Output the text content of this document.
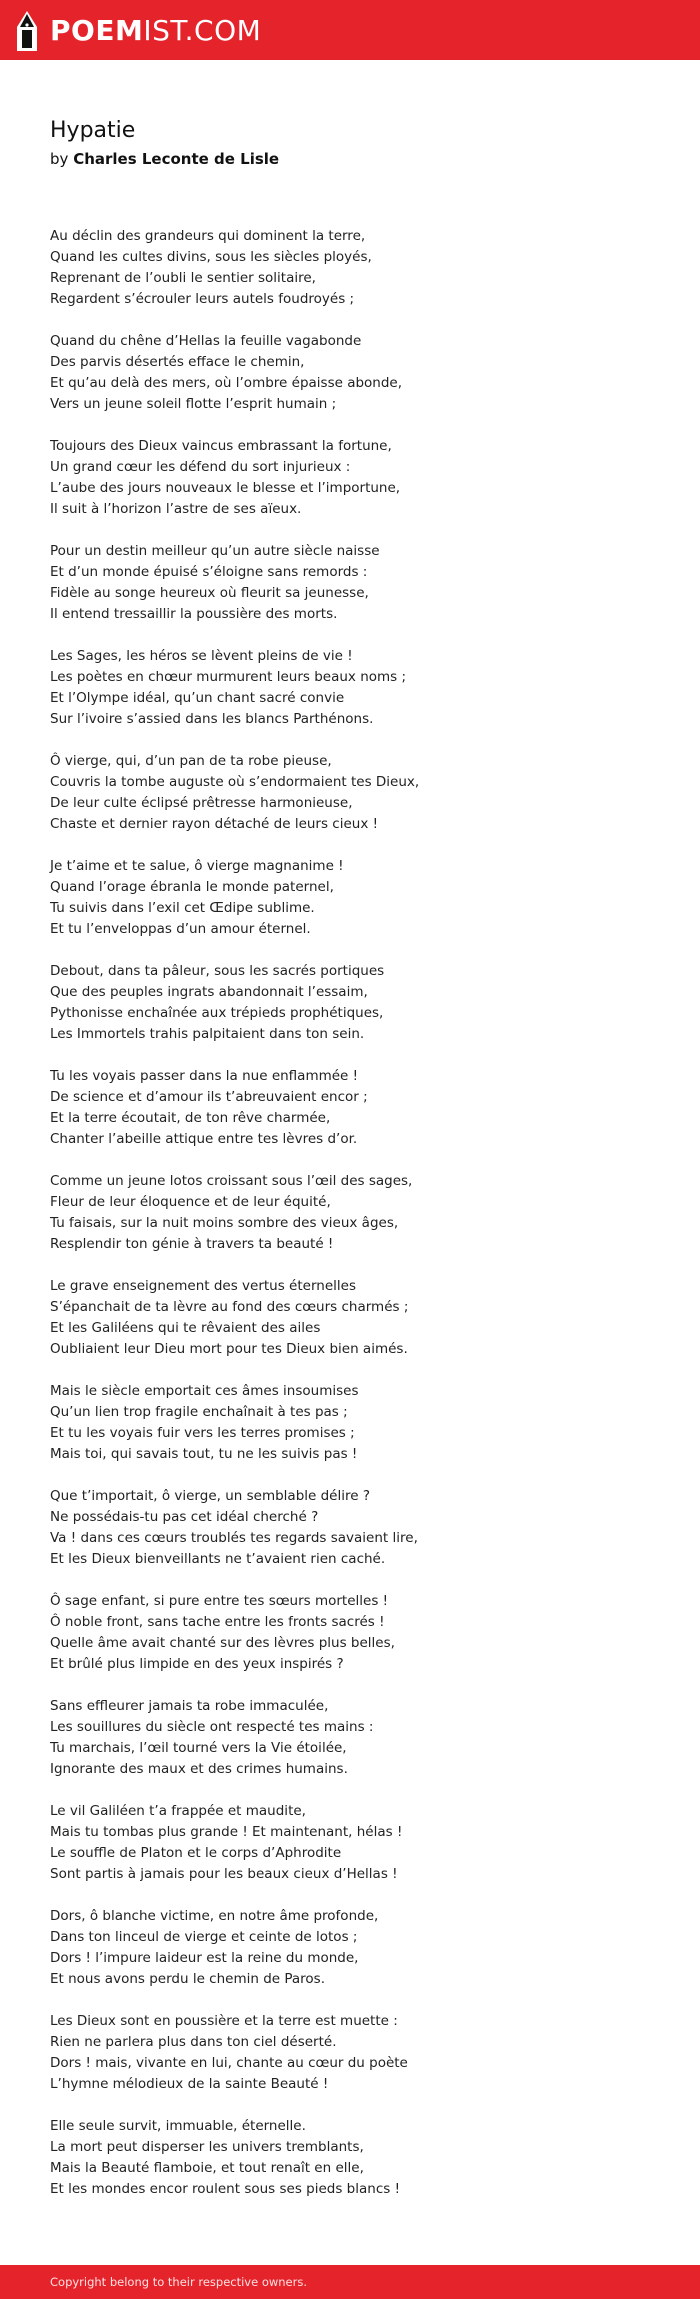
POEMIST.COM
Hypatie
by Charles Leconte de Lisle
Au déclin des grandeurs qui dominent la terre,
Quand les cultes divins, sous les siècles ployés,
Reprenant de l’oubli le sentier solitaire,
Regardent s’écrouler leurs autels foudroyés ;
Quand du chêne d’Hellas la feuille vagabonde
Des parvis désertés efface le chemin,
Et qu’au delà des mers, où l’ombre épaisse abonde,
Vers un jeune soleil flotte l’esprit humain ;
Toujours des Dieux vaincus embrassant la fortune,
Un grand cœur les défend du sort injurieux :
L’aube des jours nouveaux le blesse et l’importune,
Il suit à l’horizon l’astre de ses aïeux.
Pour un destin meilleur qu’un autre siècle naisse
Et d’un monde épuisé s’éloigne sans remords :
Fidèle au songe heureux où fleurit sa jeunesse,
Il entend tressaillir la poussière des morts.
Les Sages, les héros se lèvent pleins de vie !
Les poètes en chœur murmurent leurs beaux noms ;
Et l’Olympe idéal, qu’un chant sacré convie
Sur l’ivoire s’assied dans les blancs Parthénons.
Ô vierge, qui, d’un pan de ta robe pieuse,
Couvris la tombe auguste où s’endormaient tes Dieux,
De leur culte éclipsé prêtresse harmonieuse,
Chaste et dernier rayon détaché de leurs cieux !
Je t’aime et te salue, ô vierge magnanime !
Quand l’orage ébranla le monde paternel,
Tu suivis dans l’exil cet Œdipe sublime.
Et tu l’enveloppas d’un amour éternel.
Debout, dans ta pâleur, sous les sacrés portiques
Que des peuples ingrats abandonnait l’essaim,
Pythonisse enchaînée aux trépieds prophétiques,
Les Immortels trahis palpitaient dans ton sein.
Tu les voyais passer dans la nue enflammée !
De science et d’amour ils t’abreuvaient encor ;
Et la terre écoutait, de ton rêve charmée,
Chanter l’abeille attique entre tes lèvres d’or.
Comme un jeune lotos croissant sous l’œil des sages,
Fleur de leur éloquence et de leur équité,
Tu faisais, sur la nuit moins sombre des vieux âges,
Resplendir ton génie à travers ta beauté !
Le grave enseignement des vertus éternelles
S’épanchait de ta lèvre au fond des cœurs charmés ;
Et les Galiléens qui te rêvaient des ailes
Oubliaient leur Dieu mort pour tes Dieux bien aimés.
Mais le siècle emportait ces âmes insoumises
Qu’un lien trop fragile enchaînait à tes pas ;
Et tu les voyais fuir vers les terres promises ;
Mais toi, qui savais tout, tu ne les suivis pas !
Que t’importait, ô vierge, un semblable délire ?
Ne possédais-tu pas cet idéal cherché ?
Va ! dans ces cœurs troublés tes regards savaient lire,
Et les Dieux bienveillants ne t’avaient rien caché.
Ô sage enfant, si pure entre tes sœurs mortelles !
Ô noble front, sans tache entre les fronts sacrés !
Quelle âme avait chanté sur des lèvres plus belles,
Et brûlé plus limpide en des yeux inspirés ?
Sans effleurer jamais ta robe immaculée,
Les souillures du siècle ont respecté tes mains :
Tu marchais, l’œil tourné vers la Vie étoilée,
Ignorante des maux et des crimes humains.
Le vil Galiléen t’a frappée et maudite,
Mais tu tombas plus grande ! Et maintenant, hélas !
Le souffle de Platon et le corps d’Aphrodite
Sont partis à jamais pour les beaux cieux d’Hellas !
Dors, ô blanche victime, en notre âme profonde,
Dans ton linceul de vierge et ceinte de lotos ;
Dors ! l’impure laideur est la reine du monde,
Et nous avons perdu le chemin de Paros.
Les Dieux sont en poussière et la terre est muette :
Rien ne parlera plus dans ton ciel déserté.
Dors ! mais, vivante en lui, chante au cœur du poète
L’hymne mélodieux de la sainte Beauté !
Elle seule survit, immuable, éternelle.
La mort peut disperser les univers tremblants,
Mais la Beauté flamboie, et tout renaît en elle,
Et les mondes encor roulent sous ses pieds blancs !
Copyright belong to their respective owners.
